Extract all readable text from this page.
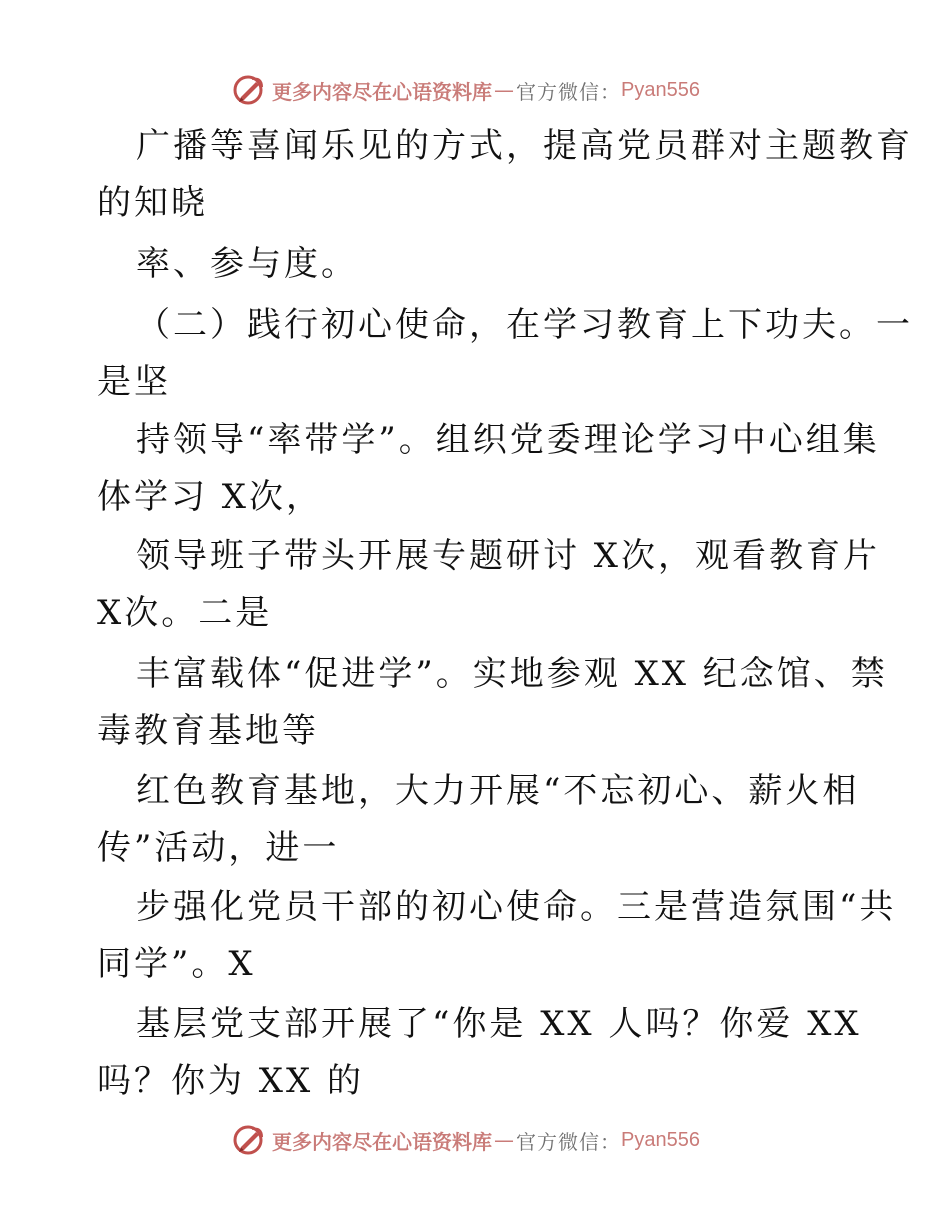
更多内容尽在心语资料库 — 官方微信： Pyan556
广播等喜闻乐见的方式，提高党员群对主题教育
的知晓
率、参与度。
（二）践行初心使命，在学习教育上下功夫。一
是坚
持领导“率带学”。组织党委理论学习中心组集
体学习 X次，
领导班子带头开展专题研讨 X次，观看教育片
X次。二是
丰富载体“促进学”。实地参观 XX 纪念馆、禁
毒教育基地等
红色教育基地，大力开展“不忘初心、薪火相
传”活动，进一
步强化党员干部的初心使命。三是营造氛围“共
同学”。X
基层党支部开展了“你是 XX 人吗？你爱 XX
吗？你为 XX 的
更多内容尽在心语资料库 — 官方微信： Pyan556
